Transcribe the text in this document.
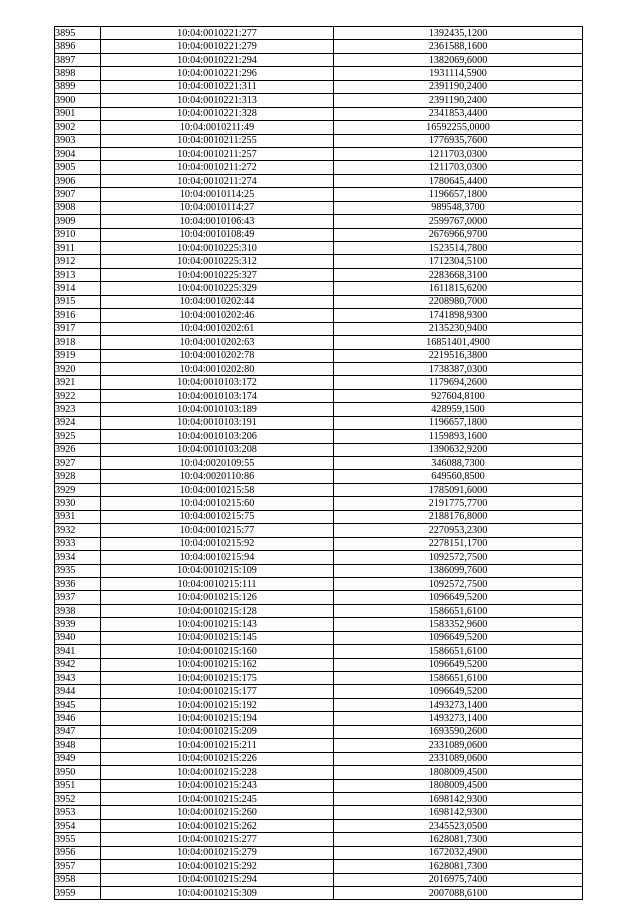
3895	10:04:0010221:277	1392435,1200
3896	10:04:0010221:279	2361588,1600
3897	10:04:0010221:294	1382069,6000
3898	10:04:0010221:296	1931114,5900
3899	10:04:0010221:311	2391190,2400
3900	10:04:0010221:313	2391190,2400
3901	10:04:0010221:328	2341853,4400
3902	10:04:0010211:49	16592255,0000
3903	10:04:0010211:255	1776935,7600
3904	10:04:0010211:257	1211703,0300
3905	10:04:0010211:272	1211703,0300
3906	10:04:0010211:274	1780645,4400
3907	10:04:0010114:25	1196657,1800
3908	10:04:0010114:27	989548,3700
3909	10:04:0010106:43	2599767,0000
3910	10:04:0010108:49	2676966,9700
3911	10:04:0010225:310	1523514,7800
3912	10:04:0010225:312	1712304,5100
3913	10:04:0010225:327	2283668,3100
3914	10:04:0010225:329	1611815,6200
3915	10:04:0010202:44	2208980,7000
3916	10:04:0010202:46	1741898,9300
3917	10:04:0010202:61	2135230,9400
3918	10:04:0010202:63	16851401,4900
3919	10:04:0010202:78	2219516,3800
3920	10:04:0010202:80	1738387,0300
3921	10:04:0010103:172	1179694,2600
3922	10:04:0010103:174	927604,8100
3923	10:04:0010103:189	428959,1500
3924	10:04:0010103:191	1196657,1800
3925	10:04:0010103:206	1159893,1600
3926	10:04:0010103:208	1390632,9200
3927	10:04:0020109:55	346088,7300
3928	10:04:0020110:86	649560,8500
3929	10:04:0010215:58	1785091,6000
3930	10:04:0010215:60	2191775,7700
3931	10:04:0010215:75	2188176,8000
3932	10:04:0010215:77	2270953,2300
3933	10:04:0010215:92	2278151,1700
3934	10:04:0010215:94	1092572,7500
3935	10:04:0010215:109	1386099,7600
3936	10:04:0010215:111	1092572,7500
3937	10:04:0010215:126	1096649,5200
3938	10:04:0010215:128	1586651,6100
3939	10:04:0010215:143	1583352,9600
3940	10:04:0010215:145	1096649,5200
3941	10:04:0010215:160	1586651,6100
3942	10:04:0010215:162	1096649,5200
3943	10:04:0010215:175	1586651,6100
3944	10:04:0010215:177	1096649,5200
3945	10:04:0010215:192	1493273,1400
3946	10:04:0010215:194	1493273,1400
3947	10:04:0010215:209	1693590,2600
3948	10:04:0010215:211	2331089,0600
3949	10:04:0010215:226	2331089,0600
3950	10:04:0010215:228	1808009,4500
3951	10:04:0010215:243	1808009,4500
3952	10:04:0010215:245	1698142,9300
3953	10:04:0010215:260	1698142,9300
3954	10:04:0010215:262	2345523,0500
3955	10:04:0010215:277	1628081,7300
3956	10:04:0010215:279	1672032,4900
3957	10:04:0010215:292	1628081,7300
3958	10:04:0010215:294	2016975,7400
3959	10:04:0010215:309	2007088,6100
